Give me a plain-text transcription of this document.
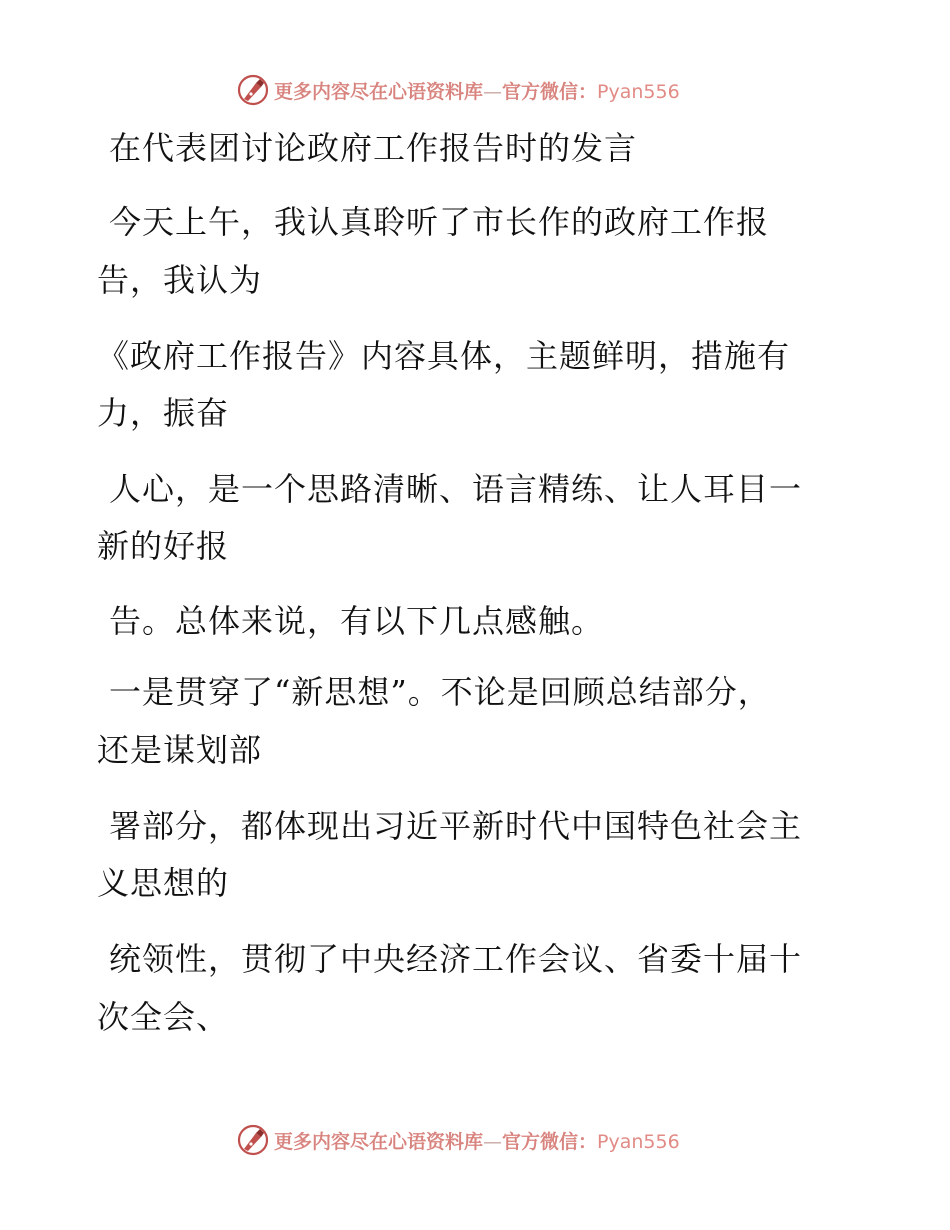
更多内容尽在心语资料库—官方微信：Pyan556
在代表团讨论政府工作报告时的发言
今天上午，我认真聆听了市长作的政府工作报
告，我认为
《政府工作报告》内容具体，主题鲜明，措施有
力，振奋
人心，是一个思路清晰、语言精练、让人耳目一
新的好报
告。总体来说，有以下几点感触。
一是贯穿了“新思想”。不论是回顾总结部分，
还是谋划部
署部分，都体现出习近平新时代中国特色社会主
义思想的
统领性，贯彻了中央经济工作会议、省委十届十
次全会、
更多内容尽在心语资料库—官方微信：Pyan556
